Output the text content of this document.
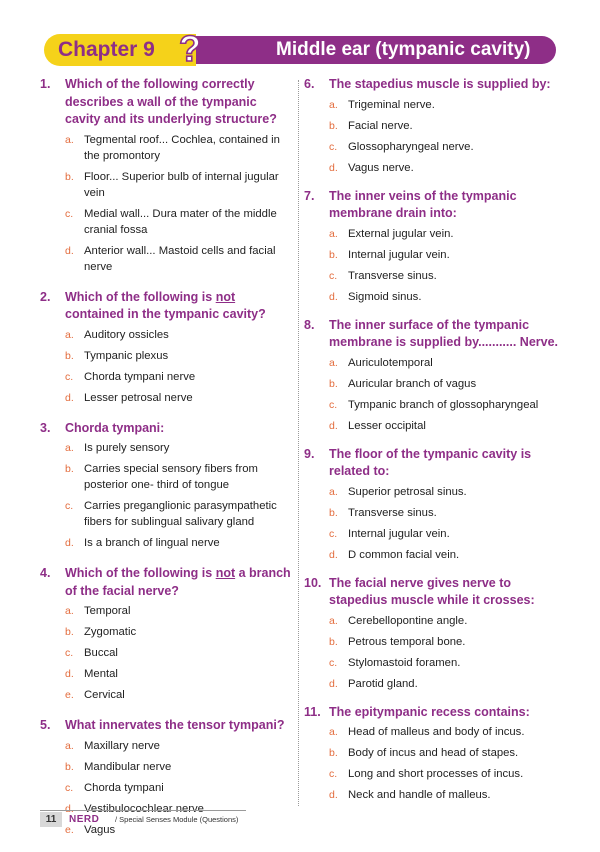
Middle ear (tympanic cavity)
Chapter 9 ?
1.	Which of the following correctly describes a wall of the tympanic cavity and its underlying structure?
a. Tegmental roof... Cochlea, contained in the promontory
b. Floor... Superior bulb of internal jugular vein
c. Medial wall... Dura mater of the middle cranial fossa
d. Anterior wall... Mastoid cells and facial nerve
2.	Which of the following is not contained in the tympanic cavity?
a. Auditory ossicles
b. Tympanic plexus
c. Chorda tympani nerve
d. Lesser petrosal nerve
3.	Chorda tympani:
a. Is purely sensory
b. Carries special sensory fibers from posterior one- third of tongue
c. Carries preganglionic parasympathetic fibers for sublingual salivary gland
d. Is a branch of lingual nerve
4.	Which of the following is not a branch of the facial nerve?
a. Temporal
b. Zygomatic
c. Buccal
d. Mental
e. Cervical
5.	What innervates the tensor tympani?
a. Maxillary nerve
b. Mandibular nerve
c. Chorda tympani
d. Vestibulocochlear nerve
e. Vagus
6.	The stapedius muscle is supplied by:
a. Trigeminal nerve.
b. Facial nerve.
c. Glossopharyngeal nerve.
d. Vagus nerve.
7.	The inner veins of the tympanic membrane drain into:
a. External jugular vein.
b. Internal jugular vein.
c. Transverse sinus.
d. Sigmoid sinus.
8.	The inner surface of the tympanic membrane is supplied by........... Nerve.
a. Auriculotemporal
b. Auricular branch of vagus
c. Tympanic branch of glossopharyngeal
d. Lesser occipital
9.	The floor of the tympanic cavity is related to:
a. Superior petrosal sinus.
b. Transverse sinus.
c. Internal jugular vein.
d. D common facial vein.
10. The facial nerve gives nerve to stapedius muscle while it crosses:
a. Cerebellopontine angle.
b. Petrous temporal bone.
c. Stylomastoid foramen.
d. Parotid gland.
11. The epitympanic recess contains:
a. Head of malleus and body of incus.
b. Body of incus and head of stapes.
c. Long and short processes of incus.
d. Neck and handle of malleus.
11	NERD / Special Senses Module (Questions)
